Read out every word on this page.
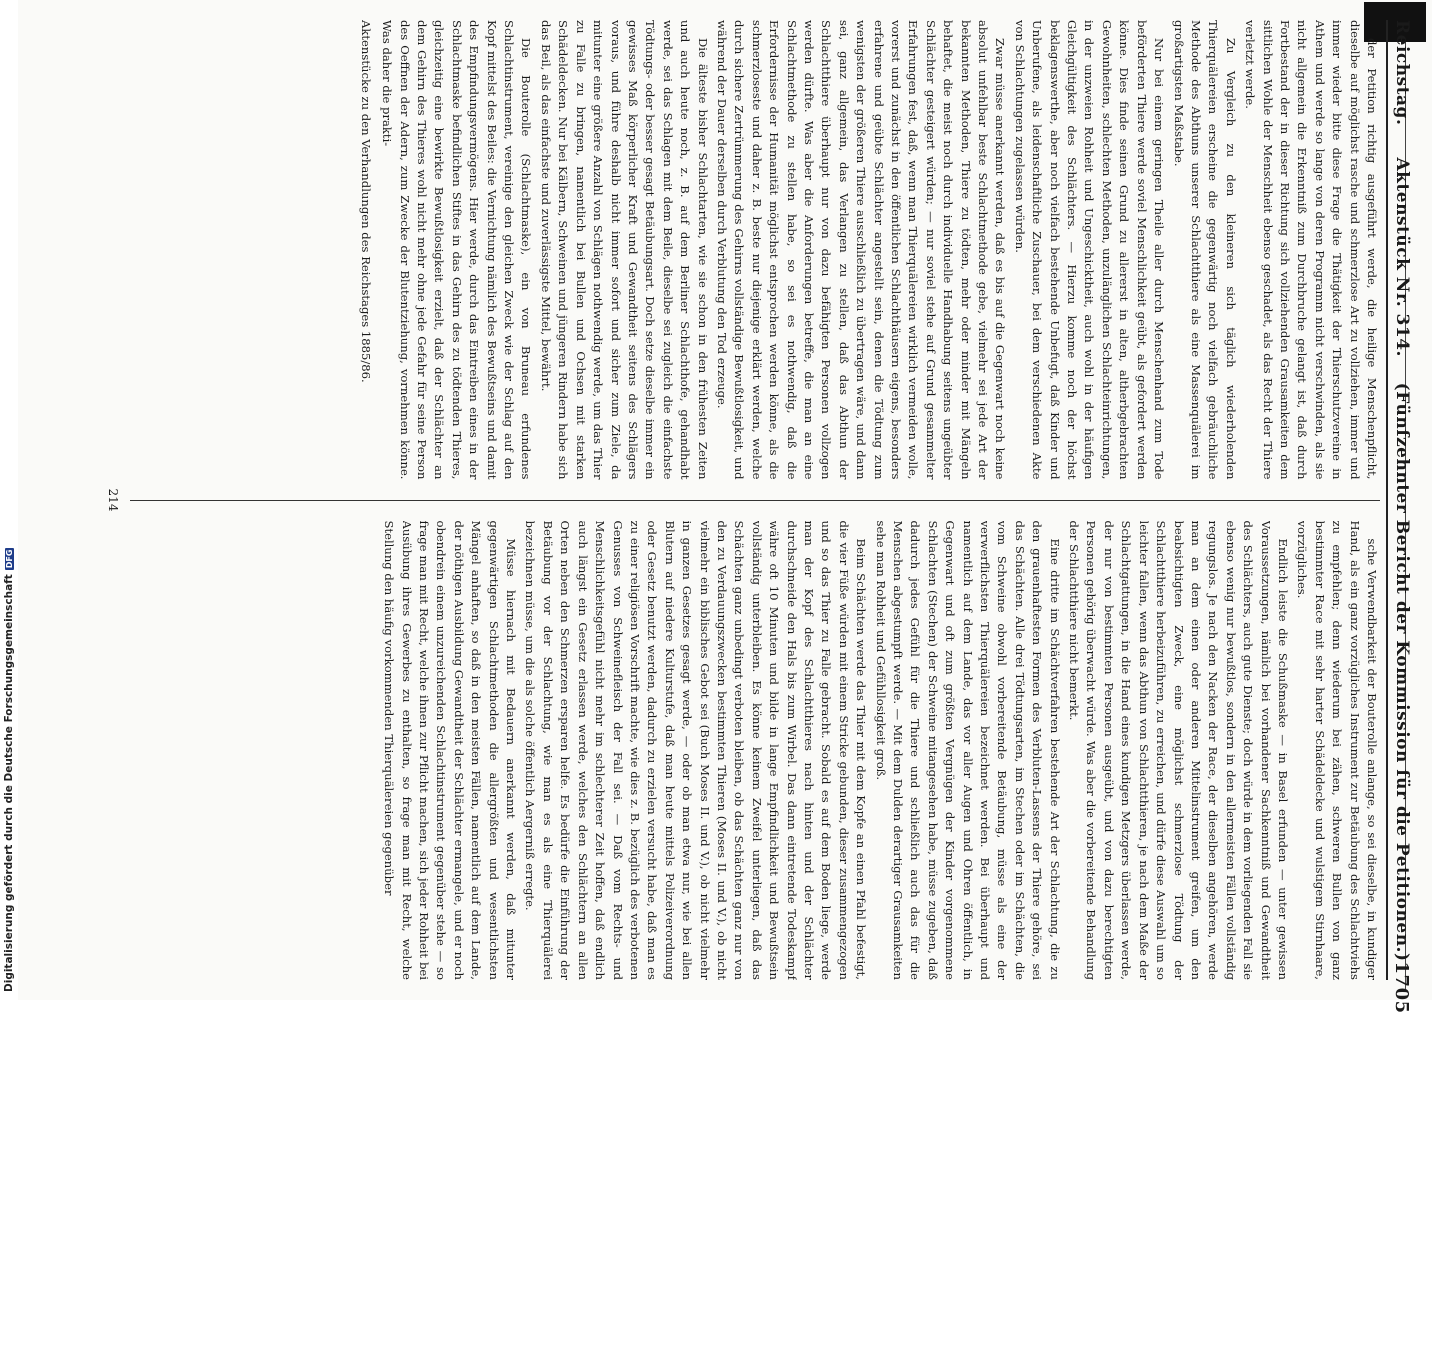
Digitalisierung gefördert durch die Deutsche ForschungsgemeinschaftDFG
Reichstag.     Aktenstück Nr. 314.    (Fünfzehnter Bericht der Kommission für die Petitionen.)
1705

der Petition richtig ausgeführt werde, die heilige Menschenpflicht, dieselbe auf möglichst rasche und schmerzlose Art zu vollziehen, immer und immer wieder bitte diese Frage die Thätigkeit der Thierschutzvereine in Athem und werde so lange von deren Programm nicht verschwinden, als sie nicht allgemein die Erkenntniß zum Durchbruche gelangt ist, daß durch Fortbestand der in dieser Richtung sich vollziehenden Grausamkeiten dem sittlichen Wohle der Menschheit ebenso geschadet, als das Recht der Thiere verletzt werde.

Zu Vergleich zu den kleineren sich täglich wiederholenden Thierquälereien erscheine die gegenwärtig noch vielfach gebräuchliche Methode des Abthuns unserer Schlachtthiere als eine Massenquälerei im großartigsten Maßstabe.

Nur bei einem geringen Theile aller durch Menschenhand zum Tode beförderten Thiere werde soviel Menschlichkeit geübt, als gefordert werden könne. Dies finde seinen Grund zu allererst in alten, altherbgebrachten Gewohnheiten, schlechten Methoden, unzulänglichen Schlachteinrichtungen, in der unzweien Rohheit und Ungeschicktheit, auch wohl in der häufigen Gleichgültigkeit des Schlächters. — Hierzu komme noch der höchst beklagenswerthe, aber noch vielfach bestehende Unbefugt, daß Kinder und Unberufene, als leidenschaftliche Zuschauer, bei dem verschiedenen Akte von Schlachtungen zugelassen würden.

Zwar müsse anerkannt werden, daß es bis auf die Gegenwart noch keine absolut unfehlbar beste Schlachtmethode gebe, vielmehr sei jede Art der bekannten Methoden, Thiere zu tödten, mehr oder minder mit Mängeln behaftet, die meist noch durch individuelle Handhabung seitens ungeübter Schlächter gesteigert würden; — nur soviel stehe auf Grund gesammelter Erfahrungen fest, daß, wenn man Thierquälereien wirklich vermeiden wolle, vorerst und zunächst in den öffentlichen Schlachthäusern eigens, besonders erfahrene und geübte Schlächter angestellt sein, denen die Tödtung zum wenigsten der größeren Thiere ausschließlich zu übertragen wäre, und dann sei, ganz allgemein, das Verlangen zu stellen, daß das Abthun der Schlachtthiere überhaupt nur von dazu befähigten Personen vollzogen werden dürfte. Was aber die Anforderungen betreffe, die man an eine Schlachtmethode zu stellen habe, so sei es nothwendig, daß die Erfordernisse der Humanität möglichst entsprochen werden könne, als die schmerzloseste und daher z. B. beste nur diejenige erklärt werden, welche durch sichere Zertrümmerung des Gehirns vollständige Bewußtlosigkeit, und während der Dauer derselben durch Verblutung den Tod erzeuge.

Die älteste bisher Schlachtarten, wie sie schon in den frühesten Zeiten und auch heute noch, z. B. auf dem Berliner Schlachthofe, gehandhabt werde, sei das Schlagen mit dem Beile, dieselbe sei zugleich die einfachste Tödtungs- oder besser gesagt Betäubungsart. Doch setze dieselbe immer ein gewisses Maß körperlicher Kraft und Gewandtheit seitens des Schlägers voraus, und führe deshalb nicht immer sofort und sicher zum Ziele, da mitunter eine größere Anzahl von Schlägen nothwendig werde, um das Thier zu Falle zu bringen, namentlich bei Bullen und Ochsen mit starken Schädeldecken. Nur bei Kälbern, Schweinen und jüngeren Rindern habe sich das Beil, als das einfachste und zuverlässigste Mittel, bewährt.

Die Bouterolle (Schlachtmaske), ein von Bruneau erfundenes Schlachtinstrument, vereinige den gleichen Zweck wie der Schlag auf den Kopf mittelst des Beiles: die Vernichtung nämlich des Bewußtseins und damit des Empfindungsvermögens. Hier werde, durch das Eintreiben eines in der Schlachtmaske befindlichen Stiftes in das Gehirn des zu tödtenden Thieres, gleichzeitig eine bewirkte Bewußtlosigkeit erzielt, daß der Schlächter an dem Gehirn des Thieres wohl nicht mehr ohne jede Gefahr für seine Person des Oeffnen der Adern, zum Zwecke der Blutentziehung, vornehmen könne. Was daher die prakti-

Aktenstücke zu den Verhandlungen des Reichstages 1885/86.

sche Verwendbarkeit der Bouterolle anlange, so sei dieselbe, in kundiger Hand, als ein ganz vorzügliches Instrument zur Betäubung des Schlachtviehs zu empfehlen; denn wiederum bei zähen, schweren Bullen von ganz bestimmter Race mit sehr harter Schädeldecke und wulstigem Stirnhaare, vorzügliches.

Endlich leiste die Schußmaske — in Basel erfunden — unter gewissen Voraussetzungen, nämlich bei vorhandener Sachkenntniß und Gewandtheit des Schlächters, auch gute Dienste; doch würde in dem vorliegenden Fall sie ebenso wenig nur bewußtlos, sondern in den allermeisten Fällen vollständig regungslos. Je nach den Nacken der Race, der dieselben angehören, werde man an dem einen oder anderen Mittelinstrument greifen, um den beabsichtigten Zweck, eine möglichst schmerzlose Tödtung der Schlachtthiere herbeizuführen, zu erreichen, und dürfe diese Auswahl um so leichter fallen, wenn das Abthun von Schlachtthieren, je nach dem Maße der Schlachtgattungen, in die Hand eines kundigen Metzgers überlassen werde, der nur von bestimmten Personen ausgeübt, und von dazu berechtigten Personen gehörig überwacht würde. Was aber die vorbereitende Behandlung der Schlachtthiere nicht bemerkt.

Eine dritte im Schächtverfahren bestehende Art der Schlachtung, die zu den grauenhaftesten Formen des Verbluten-Lassens der Thiere gehöre, sei das Schächten. Alle drei Tödtungsarten, im Stechen oder im Schächten, die vom Schweine obwohl vorbereitende Betäubung, müsse als eine der verwerflichsten Thierquälereien bezeichnet werden. Bei überhaupt und namentlich auf dem Lande, das vor aller Augen und Ohren öffentlich, in Gegenwart und oft zum größten Vergnügen der Kinder vorgenommene Schlachten (Stechen) der Schweine mitangesehen habe, müsse zugeben, daß dadurch jedes Gefühl für die Thiere und schließlich auch das für die Menschen abgestumpft werde. — Mit dem Dulden derartiger Grausamkeiten sehe man Rohheit und Gefühllosigkeit groß.

Beim Schächten werde das Thier mit dem Kopfe an einen Pfahl befestigt, die vier Füße würden mit einem Stricke gebunden, dieser zusammengezogen und so das Thier zu Falle gebracht. Sobald es auf dem Boden liege, werde man der Kopf des Schlachtthieres nach hinten und der Schlächter durchschneide den Hals bis zum Wirbel. Das dann eintretende Todeskampf währe oft 10 Minuten und bilde in lange Empfindlichkeit und Bewußtsein vollständig unterbleiben. Es könne keinem Zweifel unterliegen, daß das Schächten ganz unbedingt verboten bleiben, ob das Schächten ganz nur von den zu Verdauungszwecken bestimmten Thieren (Moses II. und V.), ob nicht vielmehr ein biblisches Gebot sei (Buch Moses II. und V.), ob nicht vielmehr in ganzen Gesetzes gesagt werde, — oder ob man etwa nur, wie bei allen Blutern auf niedere Kulturstufe, daß man heute mittels Polizeiverordnung oder Gesetz benutzt werden, dadurch zu erzielen versucht habe, daß man es zu einer religiösen Vorschrift machte, wie dies z. B. bezüglich des verbotenen Genusses von Schweinefleisch der Fall sei. — Daß vom Rechts- und Menschlichkeitsgefühl nicht mehr im schlechterer Zeit hoffen, daß endlich auch längst ein Gesetz erlassen werde, welches den Schlächtern an allen Orten neben den Schmerzen ersparen helfe. Es bedürfe die Einführung der Betäubung vor der Schlachtung, wie man es als eine Thierquälerei bezeichnen müsse, um die als solche öffentlich Aergerniß erregte.

Müsse hiernach mit Bedauern anerkannt werden, daß mitunter gegenwärtigen Schlachtmethoden die allergrößten und wesentlichsten Mängel anhaften, so daß in den meisten Fällen, namentlich auf dem Lande, der nöthigen Ausbildung Gewandtheit der Schlächter ermangele, und er noch obendrein einem unzureichenden Schlachtinstrument gegenüber stehe — so frage man mit Recht, welche ihnen zur Pflicht machen, sich jeder Rohheit bei Ausübung ihres Gewerbes zu enthalten, so frage man mit Recht, welche Stellung den häufig vorkommenden Thierquälereien gegenüber

214
